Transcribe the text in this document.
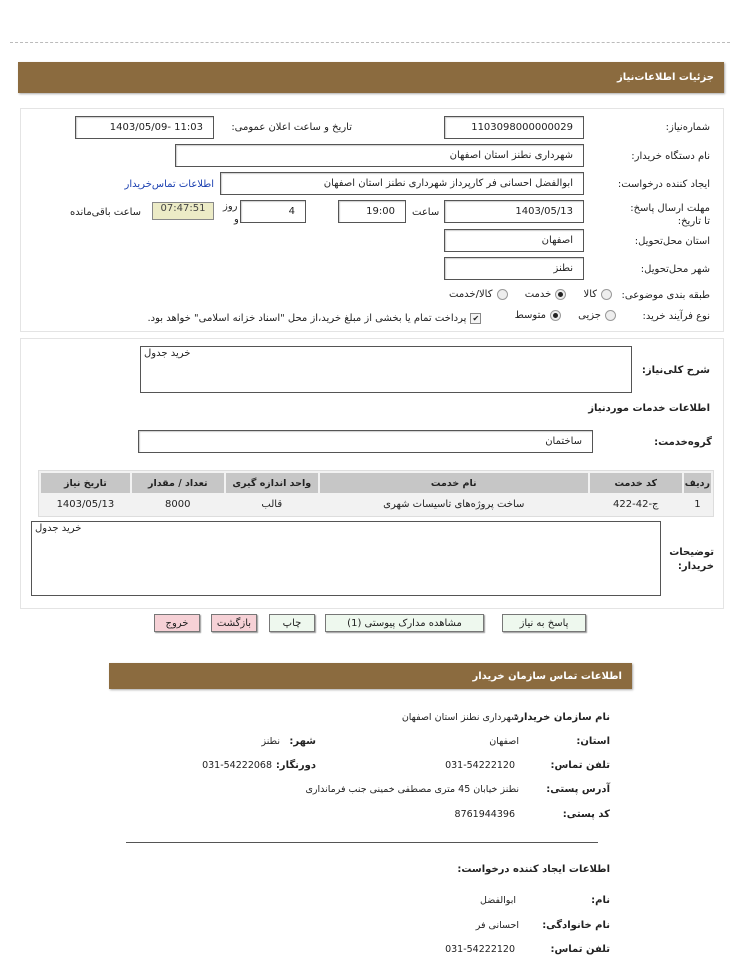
جزئیات اطلاعات‌نیاز
شماره‌نیاز:
1103098000000029
تاریخ و ساعت اعلان عمومی:
1403/05/09- 11:03
نام دستگاه خریدار:
شهرداری نطنز استان اصفهان
ایجاد کننده درخواست:
ابوالفضل احسانی فر کارپرداز شهرداری نطنز استان اصفهان
اطلاعات تماس‌خریدار
مهلت ارسال پاسخ: تا تاریخ:
1403/05/13
ساعت
19:00
4
روز
و
07:47:51
ساعت باقی‌مانده
استان محل‌تحویل:
اصفهان
شهر محل‌تحویل:
نطنز
طبقه بندی موضوعی:
کالا

خدمت

کالا/خدمت
نوع فرآیند خرید:
جزیی

متوسط

✔
پرداخت تمام یا بخشی از مبلغ خرید،از محل "اسناد خزانه اسلامی" خواهد بود.
خرید جدول
شرح کلی‌نیاز:
اطلاعات خدمات موردنیاز
ساختمان	گروه‌خدمت:
ردیف	کد خدمت	نام خدمت	واحد اندازه گیری	تعداد / مقدار	تاریخ نیاز
1	ج-42-422	ساخت پروژه‌های تاسیسات شهری	قالب	8000	1403/05/13
خرید جدول
توضیحات خریدار:
پاسخ به نیاز
مشاهده مدارک پیوستی (1)
چاپ
بازگشت
خروج
اطلاعات تماس سازمان خریدار
نام سازمان خریدار:
شهرداری نطنز استان اصفهان
استان:
اصفهان
شهر:
نطنز
تلفن تماس:
031-54222120
دورنگار:
031-54222068
آدرس پستی:
نطنز خیابان 45 متری مصطفی خمینی جنب فرمانداری
کد پستی:
8761944396
اطلاعات ایجاد کننده درخواست:
نام:
ابوالفضل
نام خانوادگی:
احسانی فر
تلفن تماس:
031-54222120
